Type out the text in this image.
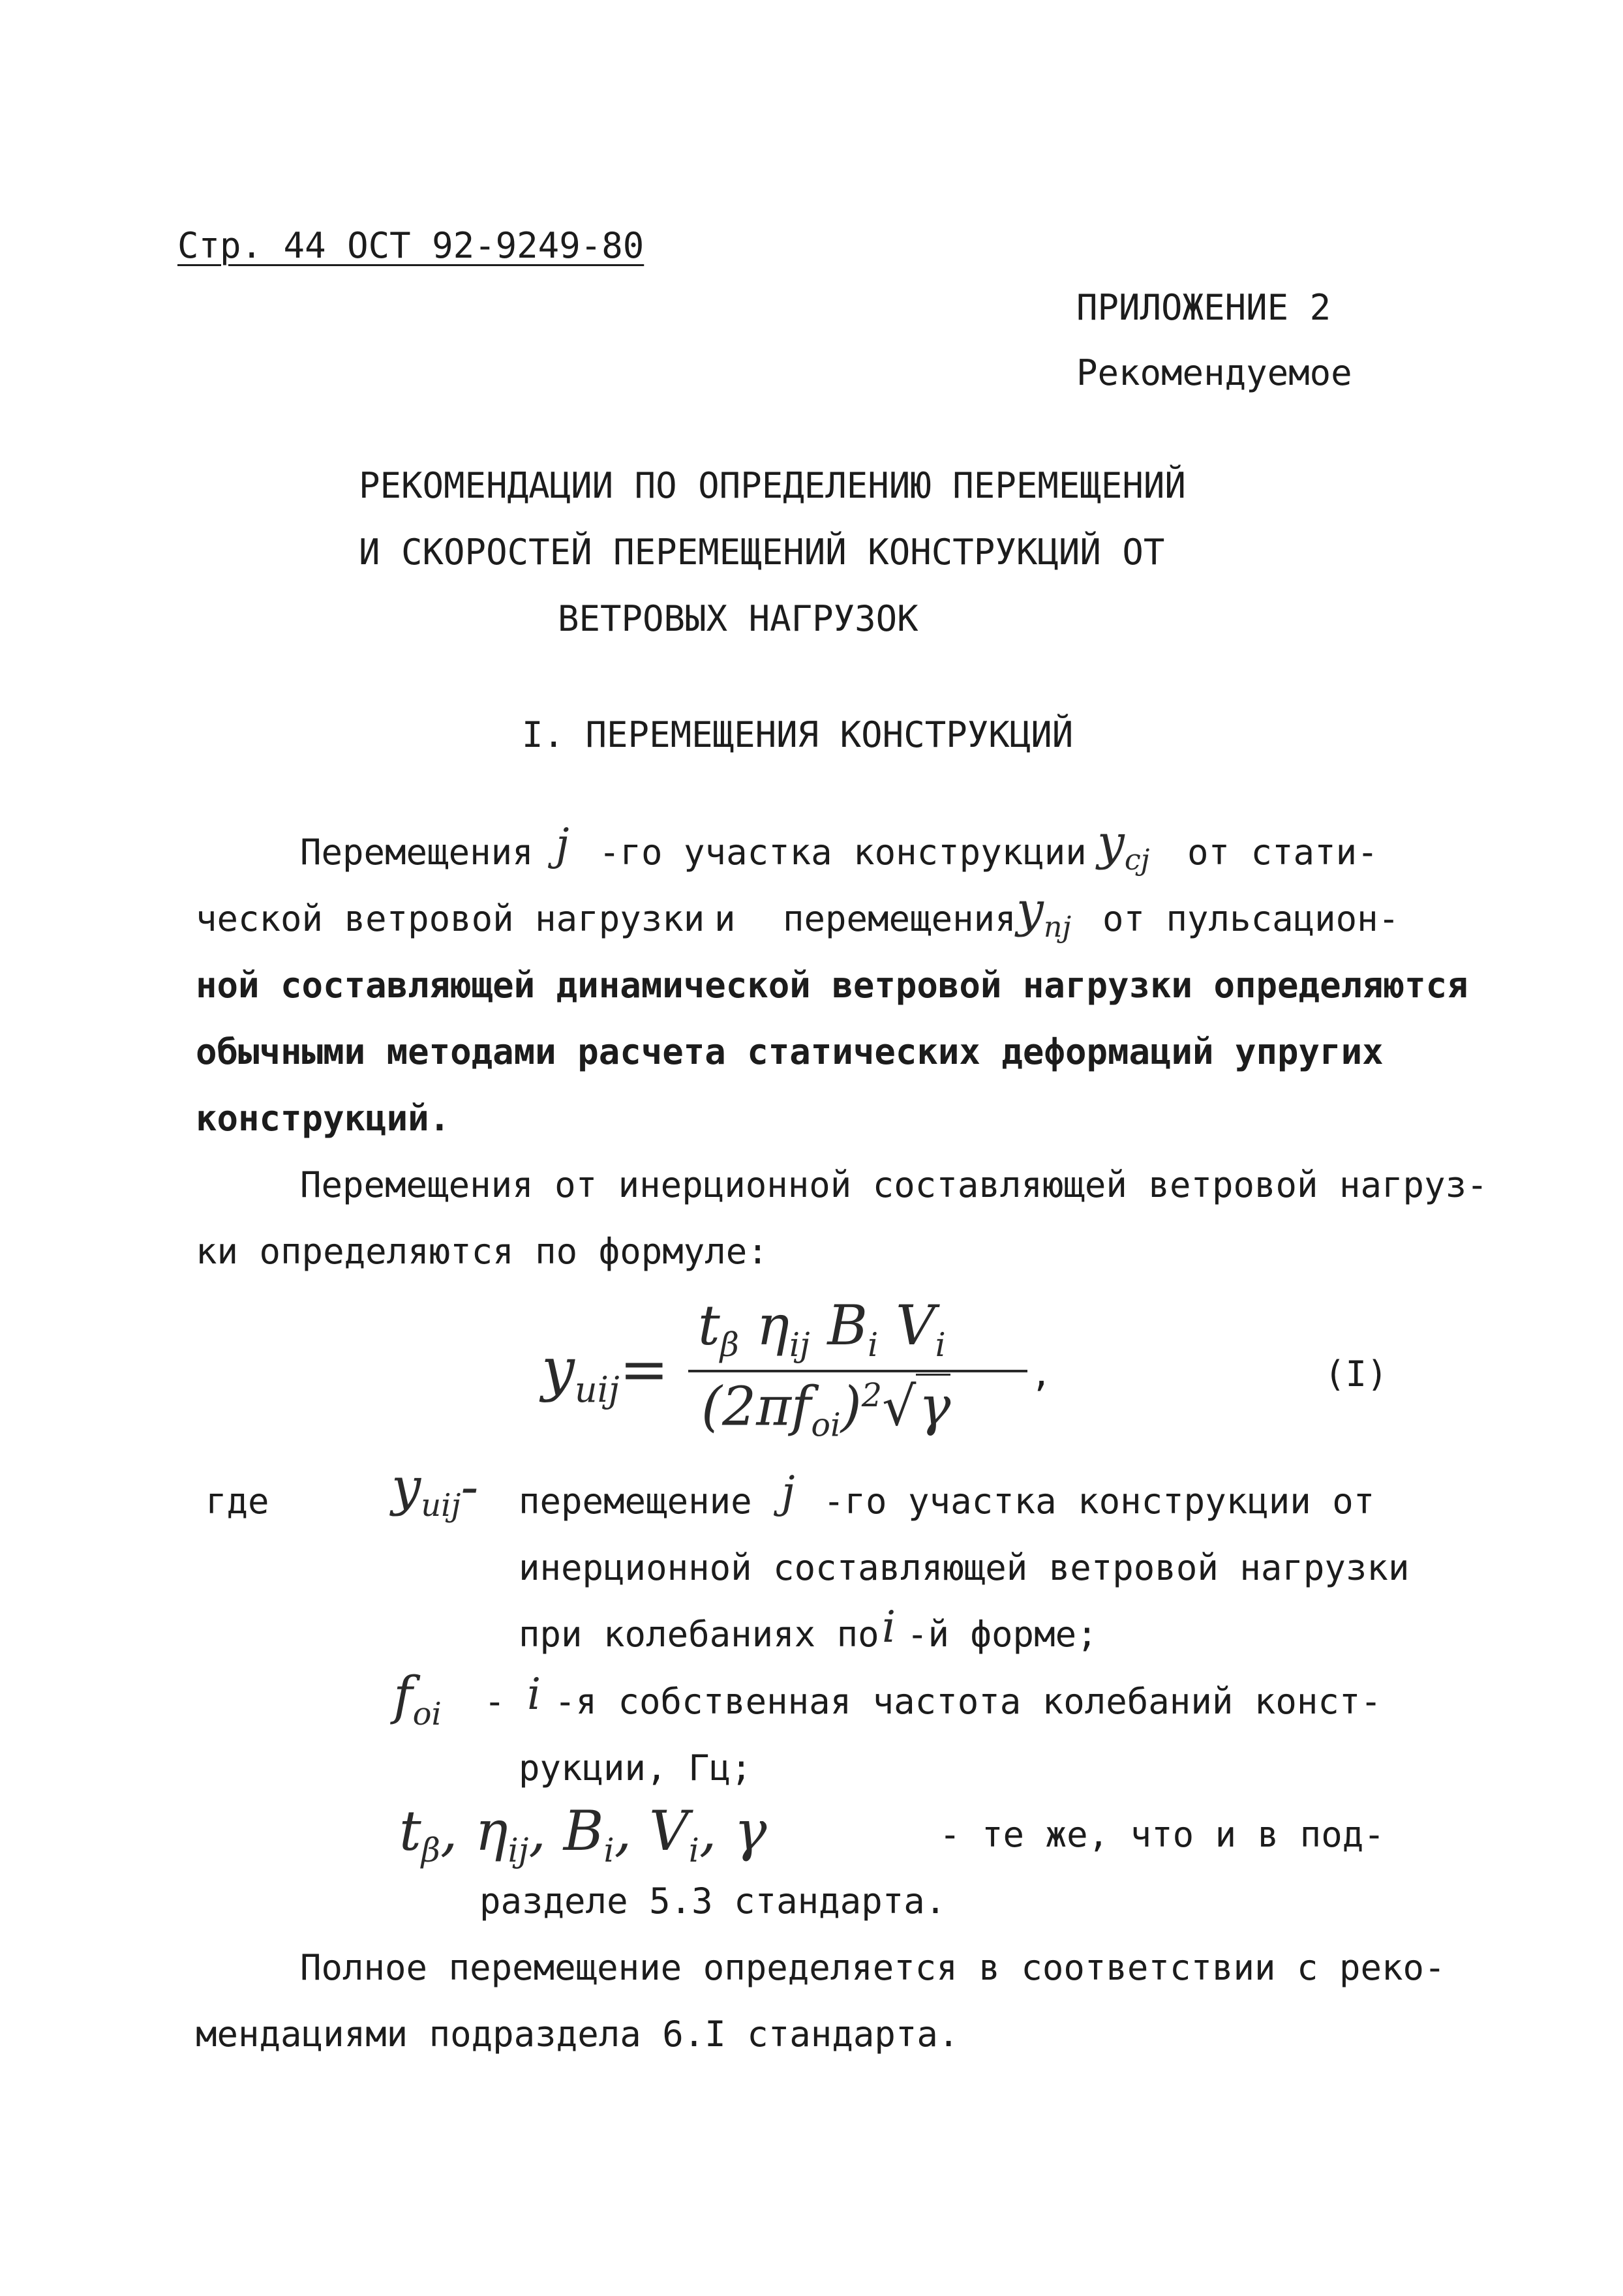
Стр. 44 ОСТ 92-9249-80
ПРИЛОЖЕНИЕ 2
Рекомендуемое
РЕКОМЕНДАЦИИ ПО ОПРЕДЕЛЕНИЮ ПЕРЕМЕЩЕНИЙ
И СКОРОСТЕЙ ПЕРЕМЕЩЕНИЙ КОНСТРУКЦИЙ ОТ
ВЕТРОВЫХ НАГРУЗОК
I. ПЕРЕМЕЩЕНИЯ КОНСТРУКЦИЙ
Перемещения j -го участка конструкции $y_{cj}$ от стати-
ческой ветровой нагрузки и перемещения $y_{nj}$ от пульсацион-
ной составляющей динамической ветровой нагрузки определяются
обычными методами расчета статических деформаций упругих
конструкций.
Перемещения от инерционной составляющей ветровой нагруз-
ки определяются по формуле:
$y_{uij}=$
$t_\beta$ $\eta_{ij}$ $B_i$ $V_i$
$(2\pi f_{oi})^2√\gamma$
,	(I)
где $y_{uij}-$ перемещение j -го участка конструкции от
инерционной составляющей ветровой нагрузки
при колебаниях по i -й форме;
$f_{oi}$ - i -я собственная частота колебаний конст-
рукции, Гц;
$t_\beta$, $\eta_{ij}$, $B_i$, $V_i$, γ	- те же, что и в под-
разделе 5.3 стандарта.
Полное перемещение определяется в соответствии с реко-
мендациями подраздела 6.I стандарта.
